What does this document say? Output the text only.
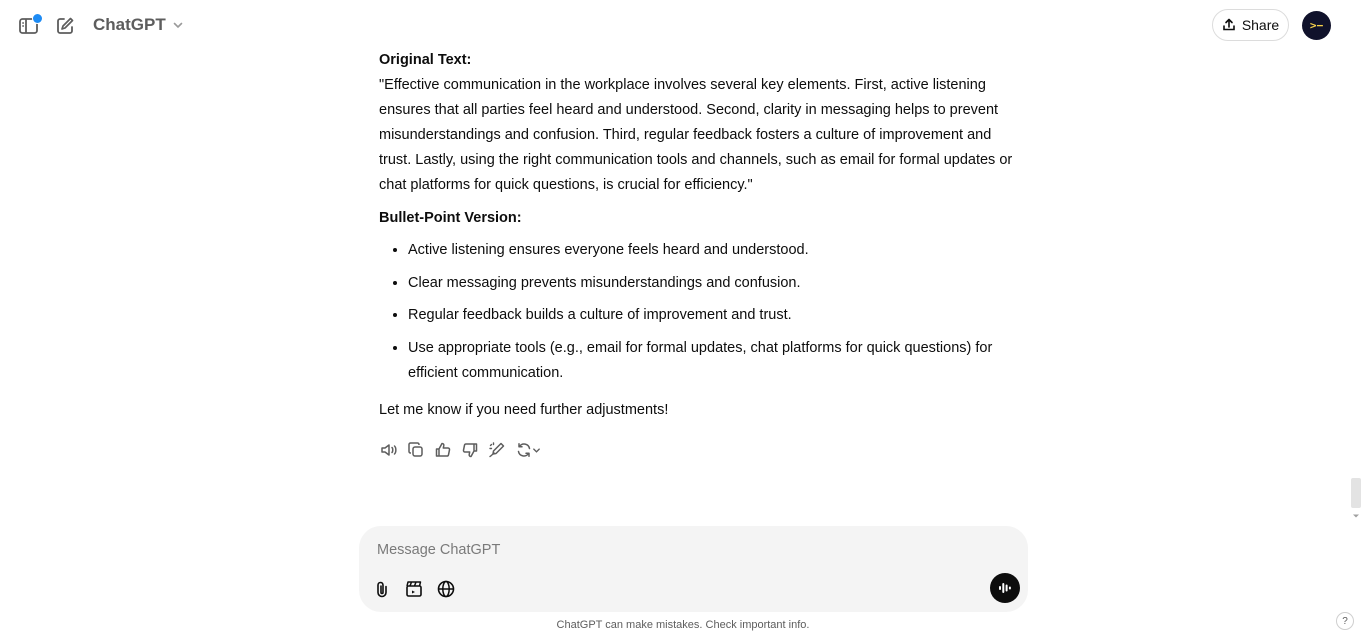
ChatGPT	Share	>−

Original Text:

"Effective communication in the workplace involves several key elements. First, active listening ensures that all parties feel heard and understood. Second, clarity in messaging helps to prevent misunderstandings and confusion. Third, regular feedback fosters a culture of improvement and trust. Lastly, using the right communication tools and channels, such as email for formal updates or chat platforms for quick questions, is crucial for efficiency."

Bullet-Point Version:

• Active listening ensures everyone feels heard and understood.
• Clear messaging prevents misunderstandings and confusion.
• Regular feedback builds a culture of improvement and trust.
• Use appropriate tools (e.g., email for formal updates, chat platforms for quick questions) for efficient communication.

Let me know if you need further adjustments!

Message ChatGPT
ChatGPT can make mistakes. Check important info.	?
